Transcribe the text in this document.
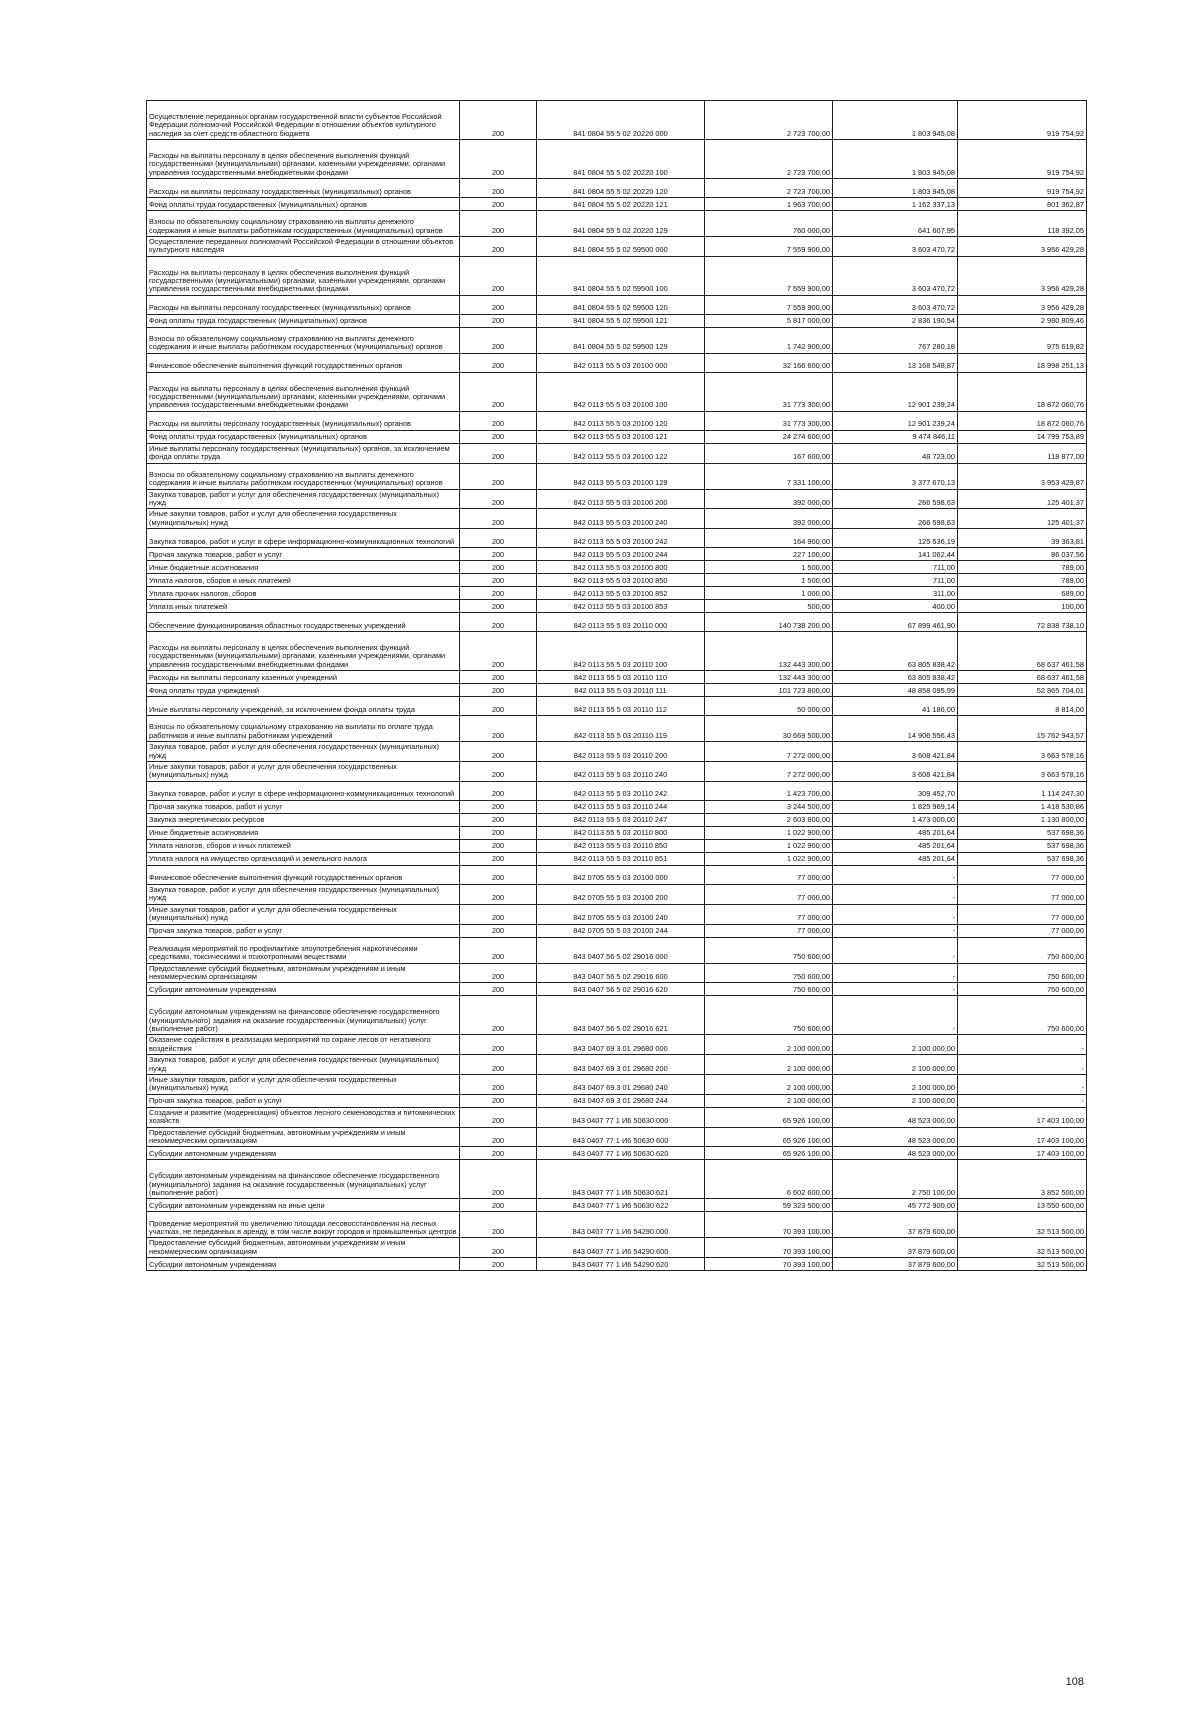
Осуществление переданных органам государственной власти субъектов Российской Федерации полномочий Российской Федерации в отношении объектов культурного наследия за счет средств областного бюджета	200	841 0804 55 5 02 20220 000	2 723 700,00	1 803 945,08	919 754,92
Расходы на выплаты персоналу в целях обеспечения выполнения функций государственными (муниципальными) органами, казенными учреждениями, органами управления государственными внебюджетными фондами	200	841 0804 55 5 02 20220 100	2 723 700,00	1 803 945,08	919 754,92
Расходы на выплаты персоналу государственных (муниципальных) органов	200	841 0804 55 5 02 20220 120	2 723 700,00	1 803 945,08	919 754,92
Фонд оплаты труда государственных (муниципальных) органов	200	841 0804 55 5 02 20220 121	1 963 700,00	1 162 337,13	801 362,87
Взносы по обязательному социальному страхованию на выплаты денежного содержания и иные выплаты работникам государственных (муниципальных) органов	200	841 0804 55 5 02 20220 129	760 000,00	641 607,95	118 392,05
Осуществление переданных полномочий Российской Федерации в отношении объектов культурного наследия	200	841 0804 55 5 02 59500 000	7 559 900,00	3 603 470,72	3 956 429,28
Расходы на выплаты персоналу в целях обеспечения выполнения функций государственными (муниципальными) органами, казенными учреждениями, органами управления государственными внебюджетными фондами	200	841 0804 55 5 02 59500 100	7 559 900,00	3 603 470,72	3 956 429,28
Расходы на выплаты персоналу государственных (муниципальных) органов	200	841 0804 55 5 02 59500 120	7 559 900,00	3 603 470,72	3 956 429,28
Фонд оплаты труда государственных (муниципальных) органов	200	841 0804 55 5 02 59500 121	5 817 000,00	2 836 190,54	2 980 809,46
Взносы по обязательному социальному страхованию на выплаты денежного содержания и иные выплаты работникам государственных (муниципальных) органов	200	841 0804 55 5 02 59500 129	1 742 900,00	767 280,18	975 619,82
Финансовое обеспечение выполнения функций государственных органов	200	842 0113 55 5 03 20100 000	32 166 600,00	13 168 548,87	18 998 251,13
Расходы на выплаты персоналу в целях обеспечения выполнения функций государственными (муниципальными) органами, казенными учреждениями, органами управления государственными внебюджетными фондами	200	842 0113 55 5 03 20100 100	31 773 300,00	12 901 239,24	18 872 060,76
Расходы на выплаты персоналу государственных (муниципальных) органов	200	842 0113 55 5 03 20100 120	31 773 300,00	12 901 239,24	18 872 060,76
Фонд оплаты труда государственных (муниципальных) органов	200	842 0113 55 5 03 20100 121	24 274 600,00	9 474 846,11	14 799 753,89
Иные выплаты персоналу государственных (муниципальных) органов, за исключением фонда оплаты труда	200	842 0113 55 5 03 20100 122	167 600,00	48 723,00	118 877,00
Взносы по обязательному социальному страхованию на выплаты денежного содержания и иные выплаты работникам государственных (муниципальных) органов	200	842 0113 55 5 03 20100 129	7 331 100,00	3 377 670,13	3 953 429,87
Закупка товаров, работ и услуг для обеспечения государственных (муниципальных) нужд	200	842 0113 55 5 03 20100 200	392 000,00	266 598,63	125 401,37
Иные закупки товаров, работ и услуг для обеспечения государственных (муниципальных) нужд	200	842 0113 55 5 03 20100 240	392 000,00	266 598,63	125 401,37
Закупка товаров, работ и услуг в сфере информационно-коммуникационных технологий	200	842 0113 55 5 03 20100 242	164 900,00	125 536,19	39 363,81
Прочая закупка товаров, работ и услуг	200	842 0113 55 5 03 20100 244	227 100,00	141 062,44	86 037,56
Иные бюджетные ассигнования	200	842 0113 55 5 03 20100 800	1 500,00	711,00	789,00
Уплата налогов, сборов и иных платежей	200	842 0113 55 5 03 20100 850	1 500,00	711,00	789,00
Уплата прочих налогов, сборов	200	842 0113 55 5 03 20100 852	1 000,00	311,00	689,00
Уплата иных платежей	200	842 0113 55 5 03 20100 853	500,00	400,00	100,00
Обеспечение функционирования областных государственных учреждений	200	842 0113 55 5 03 20110 000	140 738 200,00	67 899 461,90	72 838 738,10
Расходы на выплаты персоналу в целях обеспечения выполнения функций государственными (муниципальными) органами, казенными учреждениями, органами управления государственными внебюджетными фондами	200	842 0113 55 5 03 20110 100	132 443 300,00	63 805 838,42	68 637 461,58
Расходы на выплаты персоналу казенных учреждений	200	842 0113 55 5 03 20110 110	132 443 300,00	63 805 838,42	68 637 461,58
Фонд оплаты труда учреждений	200	842 0113 55 5 03 20110 111	101 723 800,00	48 858 095,99	52 865 704,01
Иные выплаты персоналу учреждений, за исключением фонда оплаты труда	200	842 0113 55 5 03 20110 112	50 000,00	41 186,00	8 814,00
Взносы по обязательному социальному страхованию на выплаты по оплате труда работников и иные выплаты работникам учреждений	200	842 0113 55 5 03 20110 119	30 669 500,00	14 906 556,43	15 762 943,57
Закупка товаров, работ и услуг для обеспечения государственных (муниципальных) нужд	200	842 0113 55 5 03 20110 200	7 272 000,00	3 608 421,84	3 663 578,16
Иные закупки товаров, работ и услуг для обеспечения государственных (муниципальных) нужд	200	842 0113 55 5 03 20110 240	7 272 000,00	3 608 421,84	3 663 578,16
Закупка товаров, работ и услуг в сфере информационно-коммуникационных технологий	200	842 0113 55 5 03 20110 242	1 423 700,00	309 452,70	1 114 247,30
Прочая закупка товаров, работ и услуг	200	842 0113 55 5 03 20110 244	3 244 500,00	1 825 969,14	1 418 530,86
Закупка энергетических ресурсов	200	842 0113 55 5 03 20110 247	2 603 800,00	1 473 000,00	1 130 800,00
Иные бюджетные ассигнования	200	842 0113 55 5 03 20110 800	1 022 900,00	485 201,64	537 698,36
Уплата налогов, сборов и иных платежей	200	842 0113 55 5 03 20110 850	1 022 900,00	485 201,64	537 698,36
Уплата налога на имущество организаций и земельного налога	200	842 0113 55 5 03 20110 851	1 022 900,00	485 201,64	537 698,36
Финансовое обеспечение выполнения функций государственных органов	200	842 0705 55 5 03 20100 000	77 000,00	-	77 000,00
Закупка товаров, работ и услуг для обеспечения государственных (муниципальных) нужд	200	842 0705 55 5 03 20100 200	77 000,00	-	77 000,00
Иные закупки товаров, работ и услуг для обеспечения государственных (муниципальных) нужд	200	842 0705 55 5 03 20100 240	77 000,00	-	77 000,00
Прочая закупка товаров, работ и услуг	200	842 0705 55 5 03 20100 244	77 000,00	-	77 000,00
Реализация мероприятий по профилактике злоупотребления наркотическими средствами, токсическими и психотропными веществами	200	843 0407 56 5 02 29016 000	750 600,00	-	750 600,00
Предоставление субсидий бюджетным, автономным учреждениям и иным некоммерческим организациям	200	843 0407 56 5 02 29016 600	750 600,00	-	750 600,00
Субсидии автономным учреждениям	200	843 0407 56 5 02 29016 620	750 600,00	-	750 600,00
Субсидии автономным учреждениям на финансовое обеспечение государственного (муниципального) задания на оказание государственных (муниципальных) услуг (выполнение работ)	200	843 0407 56 5 02 29016 621	750 600,00	-	750 600,00
Оказание содействия в реализации мероприятий по охране лесов от негативного воздействия	200	843 0407 69 3 01 29680 000	2 100 000,00	2 100 000,00	-
Закупка товаров, работ и услуг для обеспечения государственных (муниципальных) нужд	200	843 0407 69 3 01 29680 200	2 100 000,00	2 100 000,00	-
Иные закупки товаров, работ и услуг для обеспечения государственных (муниципальных) нужд	200	843 0407 69 3 01 29680 240	2 100 000,00	2 100 000,00	-
Прочая закупка товаров, работ и услуг	200	843 0407 69 3 01 29680 244	2 100 000,00	2 100 000,00	-
Создание и развитие (модернизация) объектов лесного семеноводства и питомнических хозяйств	200	843 0407 77 1 И6 50630 000	65 926 100,00	48 523 000,00	17 403 100,00
Предоставление субсидий бюджетным, автономным учреждениям и иным некоммерческим организациям	200	843 0407 77 1 И6 50630 600	65 926 100,00	48 523 000,00	17 403 100,00
Субсидии автономным учреждениям	200	843 0407 77 1 И6 50630 620	65 926 100,00	48 523 000,00	17 403 100,00
Субсидии автономным учреждениям на финансовое обеспечение государственного (муниципального) задания на оказание государственных (муниципальных) услуг (выполнение работ)	200	843 0407 77 1 И6 50630 621	6 602 600,00	2 750 100,00	3 852 500,00
Субсидии автономным учреждениям на иные цели	200	843 0407 77 1 И6 50630 622	59 323 500,00	45 772 900,00	13 550 600,00
Проведение мероприятий по увеличению площади лесовосстановления на лесных участках, не переданных в аренду, в том числе вокруг городов и промышленных центров	200	843 0407 77 1 И6 54290 000	70 393 100,00	37 879 600,00	32 513 500,00
Предоставление субсидий бюджетным, автономным учреждениям и иным некоммерческим организациям	200	843 0407 77 1 И6 54290 600	70 393 100,00	37 879 600,00	32 513 500,00
Субсидии автономным учреждениям	200	843 0407 77 1 И6 54290 620	70 393 100,00	37 879 600,00	32 513 500,00
108
